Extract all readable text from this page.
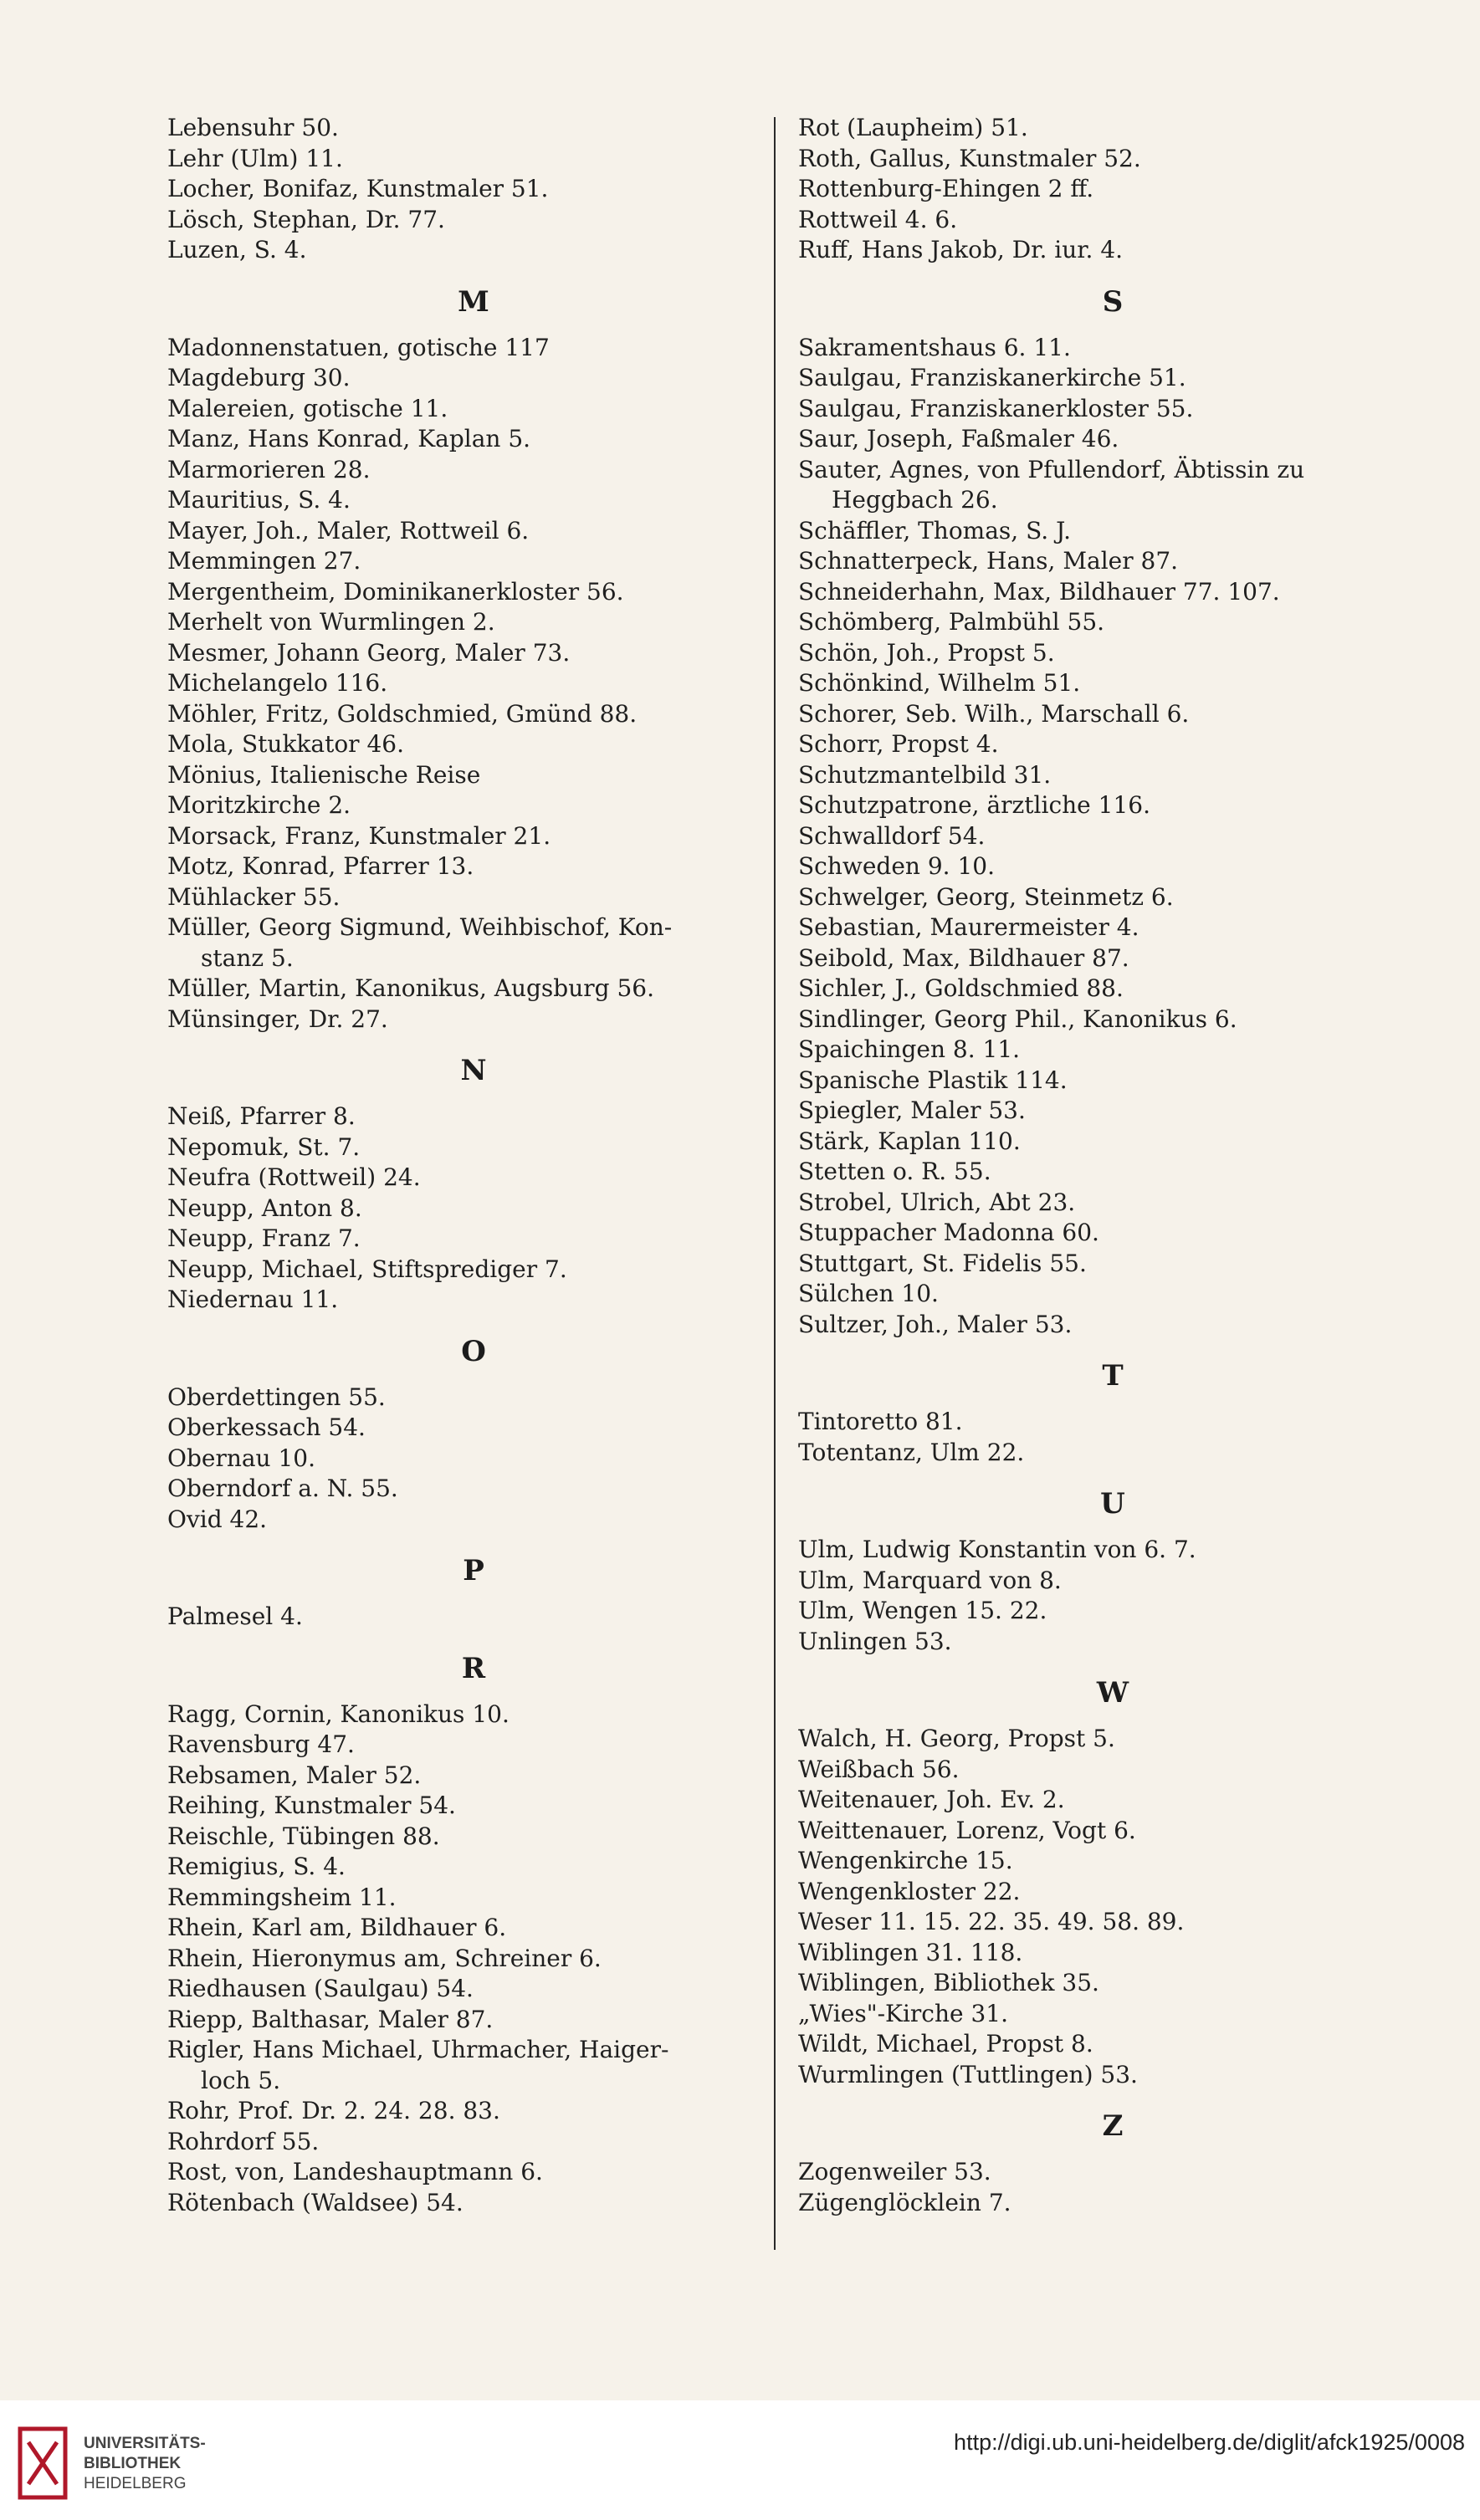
Lebensuhr 50.
Lehr (Ulm) 11.
Locher, Bonifaz, Kunstmaler 51.
Lösch, Stephan, Dr. 77.
Luzen, S. 4.
M
Madonnenstatuen, gotische 117
Magdeburg 30.
Malereien, gotische 11.
Manz, Hans Konrad, Kaplan 5.
Marmorieren 28.
Mauritius, S. 4.
Mayer, Joh., Maler, Rottweil 6.
Memmingen 27.
Mergentheim, Dominikanerkloster 56.
Merhelt von Wurmlingen 2.
Mesmer, Johann Georg, Maler 73.
Michelangelo 116.
Möhler, Fritz, Goldschmied, Gmünd 88.
Mola, Stukkator 46.
Mönius, Italienische Reise
Moritzkirche 2.
Morsack, Franz, Kunstmaler 21.
Motz, Konrad, Pfarrer 13.
Mühlacker 55.
Müller, Georg Sigmund, Weihbischof, Kon-
stanz 5.
Müller, Martin, Kanonikus, Augsburg 56.
Münsinger, Dr. 27.
N
Neiß, Pfarrer 8.
Nepomuk, St. 7.
Neufra (Rottweil) 24.
Neupp, Anton 8.
Neupp, Franz 7.
Neupp, Michael, Stiftsprediger 7.
Niedernau 11.
O
Oberdettingen 55.
Oberkessach 54.
Obernau 10.
Oberndorf a. N. 55.
Ovid 42.
P
Palmesel 4.
R
Ragg, Cornin, Kanonikus 10.
Ravensburg 47.
Rebsamen, Maler 52.
Reihing, Kunstmaler 54.
Reischle, Tübingen 88.
Remigius, S. 4.
Remmingsheim 11.
Rhein, Karl am, Bildhauer 6.
Rhein, Hieronymus am, Schreiner 6.
Riedhausen (Saulgau) 54.
Riepp, Balthasar, Maler 87.
Rigler, Hans Michael, Uhrmacher, Haiger-
loch 5.
Rohr, Prof. Dr. 2. 24. 28. 83.
Rohrdorf 55.
Rost, von, Landeshauptmann 6.
Rötenbach (Waldsee) 54.
Rot (Laupheim) 51.
Roth, Gallus, Kunstmaler 52.
Rottenburg-Ehingen 2 ff.
Rottweil 4. 6.
Ruff, Hans Jakob, Dr. iur. 4.
S
Sakramentshaus 6. 11.
Saulgau, Franziskanerkirche 51.
Saulgau, Franziskanerkloster 55.
Saur, Joseph, Faßmaler 46.
Sauter, Agnes, von Pfullendorf, Äbtissin zu
Heggbach 26.
Schäffler, Thomas, S. J.
Schnatterpeck, Hans, Maler 87.
Schneiderhahn, Max, Bildhauer 77. 107.
Schömberg, Palmbühl 55.
Schön, Joh., Propst 5.
Schönkind, Wilhelm 51.
Schorer, Seb. Wilh., Marschall 6.
Schorr, Propst 4.
Schutzmantelbild 31.
Schutzpatrone, ärztliche 116.
Schwalldorf 54.
Schweden 9. 10.
Schwelger, Georg, Steinmetz 6.
Sebastian, Maurermeister 4.
Seibold, Max, Bildhauer 87.
Sichler, J., Goldschmied 88.
Sindlinger, Georg Phil., Kanonikus 6.
Spaichingen 8. 11.
Spanische Plastik 114.
Spiegler, Maler 53.
Stärk, Kaplan 110.
Stetten o. R. 55.
Strobel, Ulrich, Abt 23.
Stuppacher Madonna 60.
Stuttgart, St. Fidelis 55.
Sülchen 10.
Sultzer, Joh., Maler 53.
T
Tintoretto 81.
Totentanz, Ulm 22.
U
Ulm, Ludwig Konstantin von 6. 7.
Ulm, Marquard von 8.
Ulm, Wengen 15. 22.
Unlingen 53.
W
Walch, H. Georg, Propst 5.
Weißbach 56.
Weitenauer, Joh. Ev. 2.
Weittenauer, Lorenz, Vogt 6.
Wengenkirche 15.
Wengenkloster 22.
Weser 11. 15. 22. 35. 49. 58. 89.
Wiblingen 31. 118.
Wiblingen, Bibliothek 35.
„Wies"-Kirche 31.
Wildt, Michael, Propst 8.
Wurmlingen (Tuttlingen) 53.
Z
Zogenweiler 53.
Zügenglöcklein 7.
UNIVERSITÄTS-
BIBLIOTHEK
HEIDELBERG
http://digi.ub.uni-heidelberg.de/diglit/afck1925/0008
